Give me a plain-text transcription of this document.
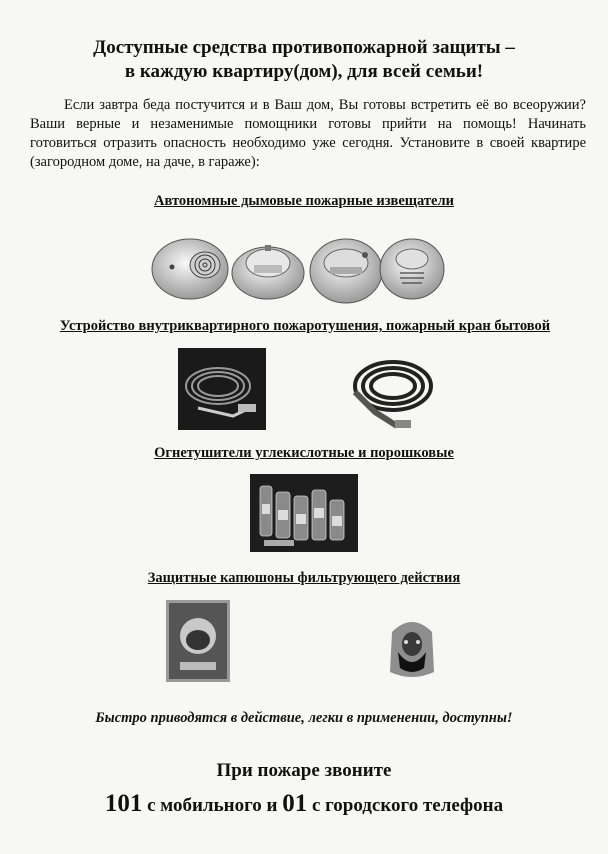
Доступные средства противопожарной защиты –
в каждую квартиру(дом), для всей семьи!
Если завтра беда постучится и в Ваш дом, Вы готовы встретить её во всеоружии? Ваши верные и незаменимые помощники готовы прийти на помощь! Начинать готовиться отразить опасность необходимо уже сегодня. Установите в своей квартире (загородном доме, на даче, в гараже):
Автономные дымовые пожарные извещатели
Устройство внутриквартирного пожаротушения, пожарный кран бытовой
Огнетушители углекислотные и порошковые
Защитные капюшоны фильтрующего действия
Быстро приводятся в действие, легки в применении, доступны!
При пожаре звоните
101 с мобильного и 01 с городского телефона
